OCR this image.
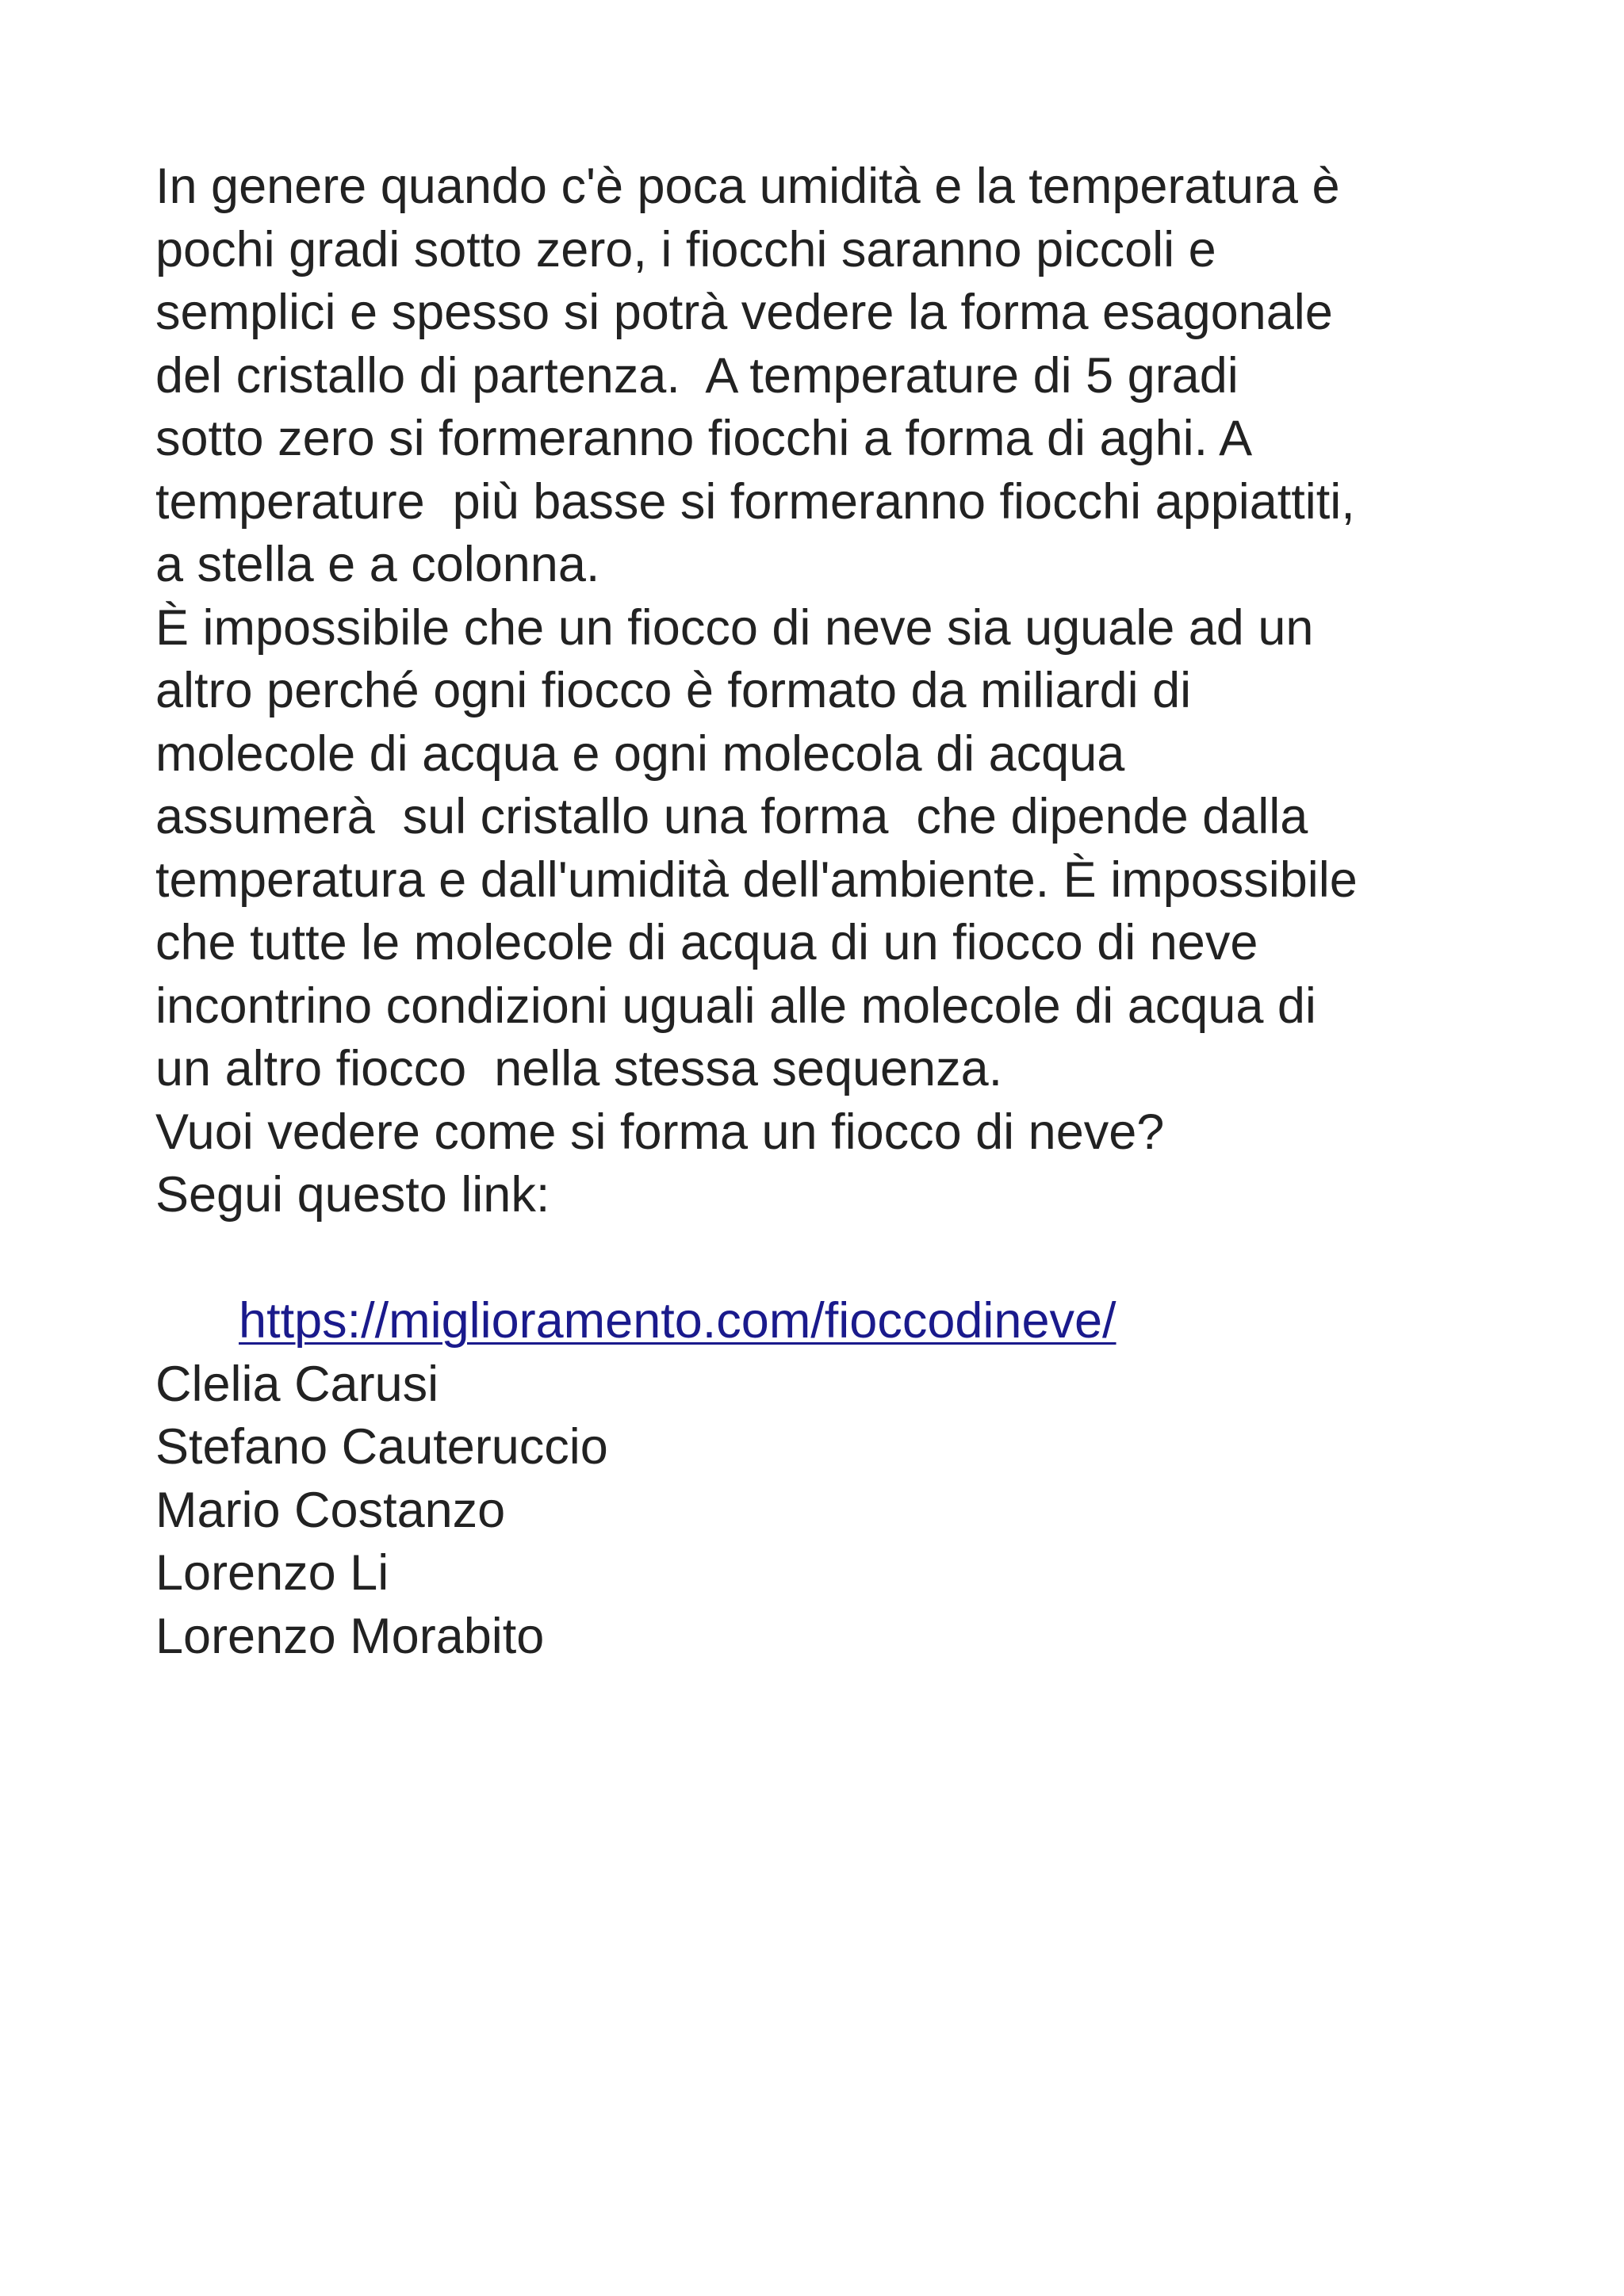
In genere quando c'è poca umidità e la temperatura è
pochi gradi sotto zero, i fiocchi saranno piccoli e
semplici e spesso si potrà vedere la forma esagonale
del cristallo di partenza.  A temperature di 5 gradi
sotto zero si formeranno fiocchi a forma di aghi. A
temperature  più basse si formeranno fiocchi appiattiti,
a stella e a colonna.
È impossibile che un fiocco di neve sia uguale ad un
altro perché ogni fiocco è formato da miliardi di
molecole di acqua e ogni molecola di acqua
assumerà  sul cristallo una forma  che dipende dalla
temperatura e dall'umidità dell'ambiente. È impossibile
che tutte le molecole di acqua di un fiocco di neve
incontrino condizioni uguali alle molecole di acqua di
un altro fiocco  nella stessa sequenza.
Vuoi vedere come si forma un fiocco di neve?
Segui questo link:

https://miglioramento.com/fioccodineve/

Clelia Carusi
Stefano Cauteruccio
Mario Costanzo
Lorenzo Li
Lorenzo Morabito
